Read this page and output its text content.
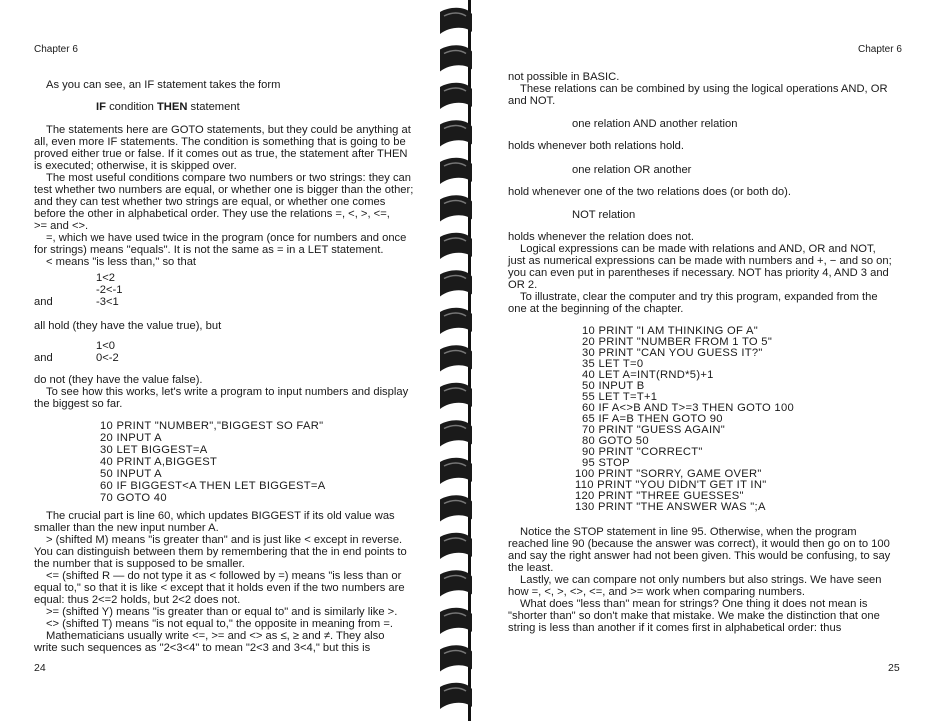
Chapter 6
As you can see, an IF statement takes the form
IF condition THEN statement
The statements here are GOTO statements, but they could be anything at
all, even more IF statements. The condition is something that is going to be
proved either true or false. If it comes out as true, the statement after THEN
is executed; otherwise, it is skipped over.
The most useful conditions compare two numbers or two strings: they can
test whether two numbers are equal, or whether one is bigger than the other;
and they can test whether two strings are equal, or whether one comes
before the other in alphabetical order. They use the relations =, <, >, <=,
>= and <>.
=, which we have used twice in the program (once for numbers and once
for strings) means "equals". It is not the same as = in a LET statement.
< means "is less than," so that
1<2
-2<-1
and	-3<1
all hold (they have the value true), but
1<0
and	0<-2
do not (they have the value false).
To see how this works, let's write a program to input numbers and display
the biggest so far.
10 PRINT "NUMBER","BIGGEST SO FAR"
20 INPUT A
30 LET BIGGEST=A
40 PRINT A,BIGGEST
50 INPUT A
60 IF BIGGEST<A THEN LET BIGGEST=A
70 GOTO 40
The crucial part is line 60, which updates BIGGEST if its old value was
smaller than the new input number A.
> (shifted M) means "is greater than" and is just like < except in reverse.
You can distinguish between them by remembering that the in end points to
the number that is supposed to be smaller.
<= (shifted R — do not type it as < followed by =) means "is less than or
equal to," so that it is like < except that it holds even if the two numbers are
equal: thus 2<=2 holds, but 2<2 does not.
>= (shifted Y) means "is greater than or equal to" and is similarly like >.
<> (shifted T) means "is not equal to," the opposite in meaning from =.
Mathematicians usually write <=, >= and <> as ≤, ≥ and ≠. They also
write such sequences as "2<3<4" to mean "2<3 and 3<4," but this is
24
Chapter 6
not possible in BASIC.
These relations can be combined by using the logical operations AND, OR
and NOT.
one relation AND another relation
holds whenever both relations hold.
one relation OR another
hold whenever one of the two relations does (or both do).
NOT relation
holds whenever the relation does not.
Logical expressions can be made with relations and AND, OR and NOT,
just as numerical expressions can be made with numbers and +, − and so on;
you can even put in parentheses if necessary. NOT has priority 4, AND 3 and
OR 2.
To illustrate, clear the computer and try this program, expanded from the
one at the beginning of the chapter.
10 PRINT "I AM THINKING OF A"
20 PRINT "NUMBER FROM 1 TO 5"
30 PRINT "CAN YOU GUESS IT?"
35 LET T=0
40 LET A=INT(RND*5)+1
50 INPUT B
55 LET T=T+1
60 IF A<>B AND T>=3 THEN GOTO 100
65 IF A=B THEN GOTO 90
70 PRINT "GUESS AGAIN"
80 GOTO 50
90 PRINT "CORRECT"
95 STOP
100 PRINT "SORRY, GAME OVER"
110 PRINT "YOU DIDN'T GET IT IN"
120 PRINT "THREE GUESSES"
130 PRINT "THE ANSWER WAS ";A
Notice the STOP statement in line 95. Otherwise, when the program
reached line 90 (because the answer was correct), it would then go on to 100
and say the right answer had not been given. This would be confusing, to say
the least.
Lastly, we can compare not only numbers but also strings. We have seen
how =, <, >, <>, <=, and >= work when comparing numbers.
What does "less than" mean for strings? One thing it does not mean is
"shorter than" so don't make that mistake. We make the distinction that one
string is less than another if it comes first in alphabetical order: thus
25
